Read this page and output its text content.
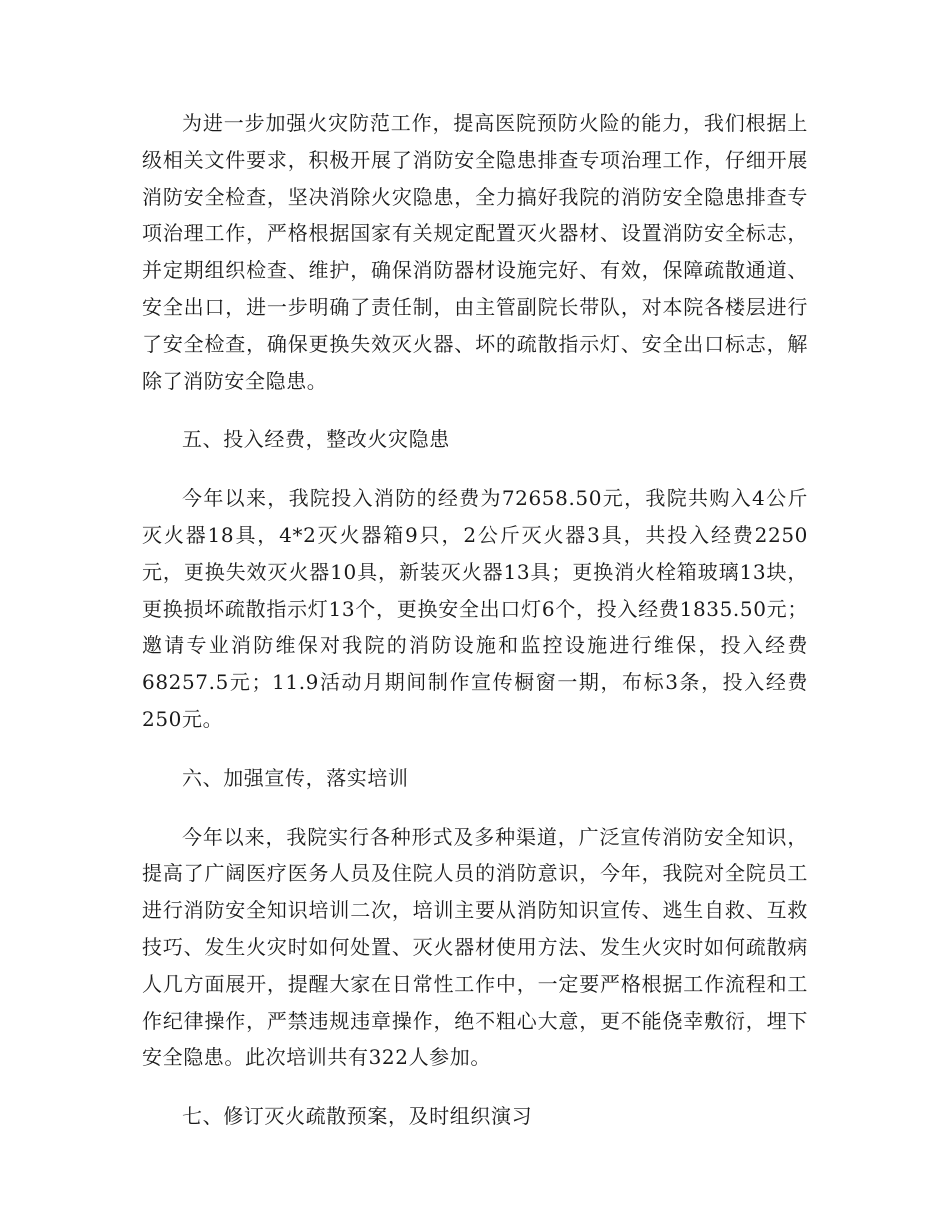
为进一步加强火灾防范工作，提高医院预防火险的能力，我们根据上级相关文件要求，积极开展了消防安全隐患排查专项治理工作，仔细开展消防安全检查，坚决消除火灾隐患，全力搞好我院的消防安全隐患排查专项治理工作，严格根据国家有关规定配置灭火器材、设置消防安全标志，并定期组织检查、维护，确保消防器材设施完好、有效，保障疏散通道、安全出口，进一步明确了责任制，由主管副院长带队，对本院各楼层进行了安全检查，确保更换失效灭火器、坏的疏散指示灯、安全出口标志，解除了消防安全隐患。

五、投入经费，整改火灾隐患

今年以来，我院投入消防的经费为72658.50元，我院共购入4公斤灭火器18具，4*2灭火器箱9只，2公斤灭火器3具，共投入经费2250元，更换失效灭火器10具，新装灭火器13具；更换消火栓箱玻璃13块，更换损坏疏散指示灯13个，更换安全出口灯6个，投入经费1835.50元；邀请专业消防维保对我院的消防设施和监控设施进行维保，投入经费68257.5元；11.9活动月期间制作宣传橱窗一期，布标3条，投入经费250元。

六、加强宣传，落实培训

今年以来，我院实行各种形式及多种渠道，广泛宣传消防安全知识，提高了广阔医疗医务人员及住院人员的消防意识，今年，我院对全院员工进行消防安全知识培训二次，培训主要从消防知识宣传、逃生自救、互救技巧、发生火灾时如何处置、灭火器材使用方法、发生火灾时如何疏散病人几方面展开，提醒大家在日常性工作中，一定要严格根据工作流程和工作纪律操作，严禁违规违章操作，绝不粗心大意，更不能侥幸敷衍，埋下安全隐患。此次培训共有322人参加。

七、修订灭火疏散预案，及时组织演习
